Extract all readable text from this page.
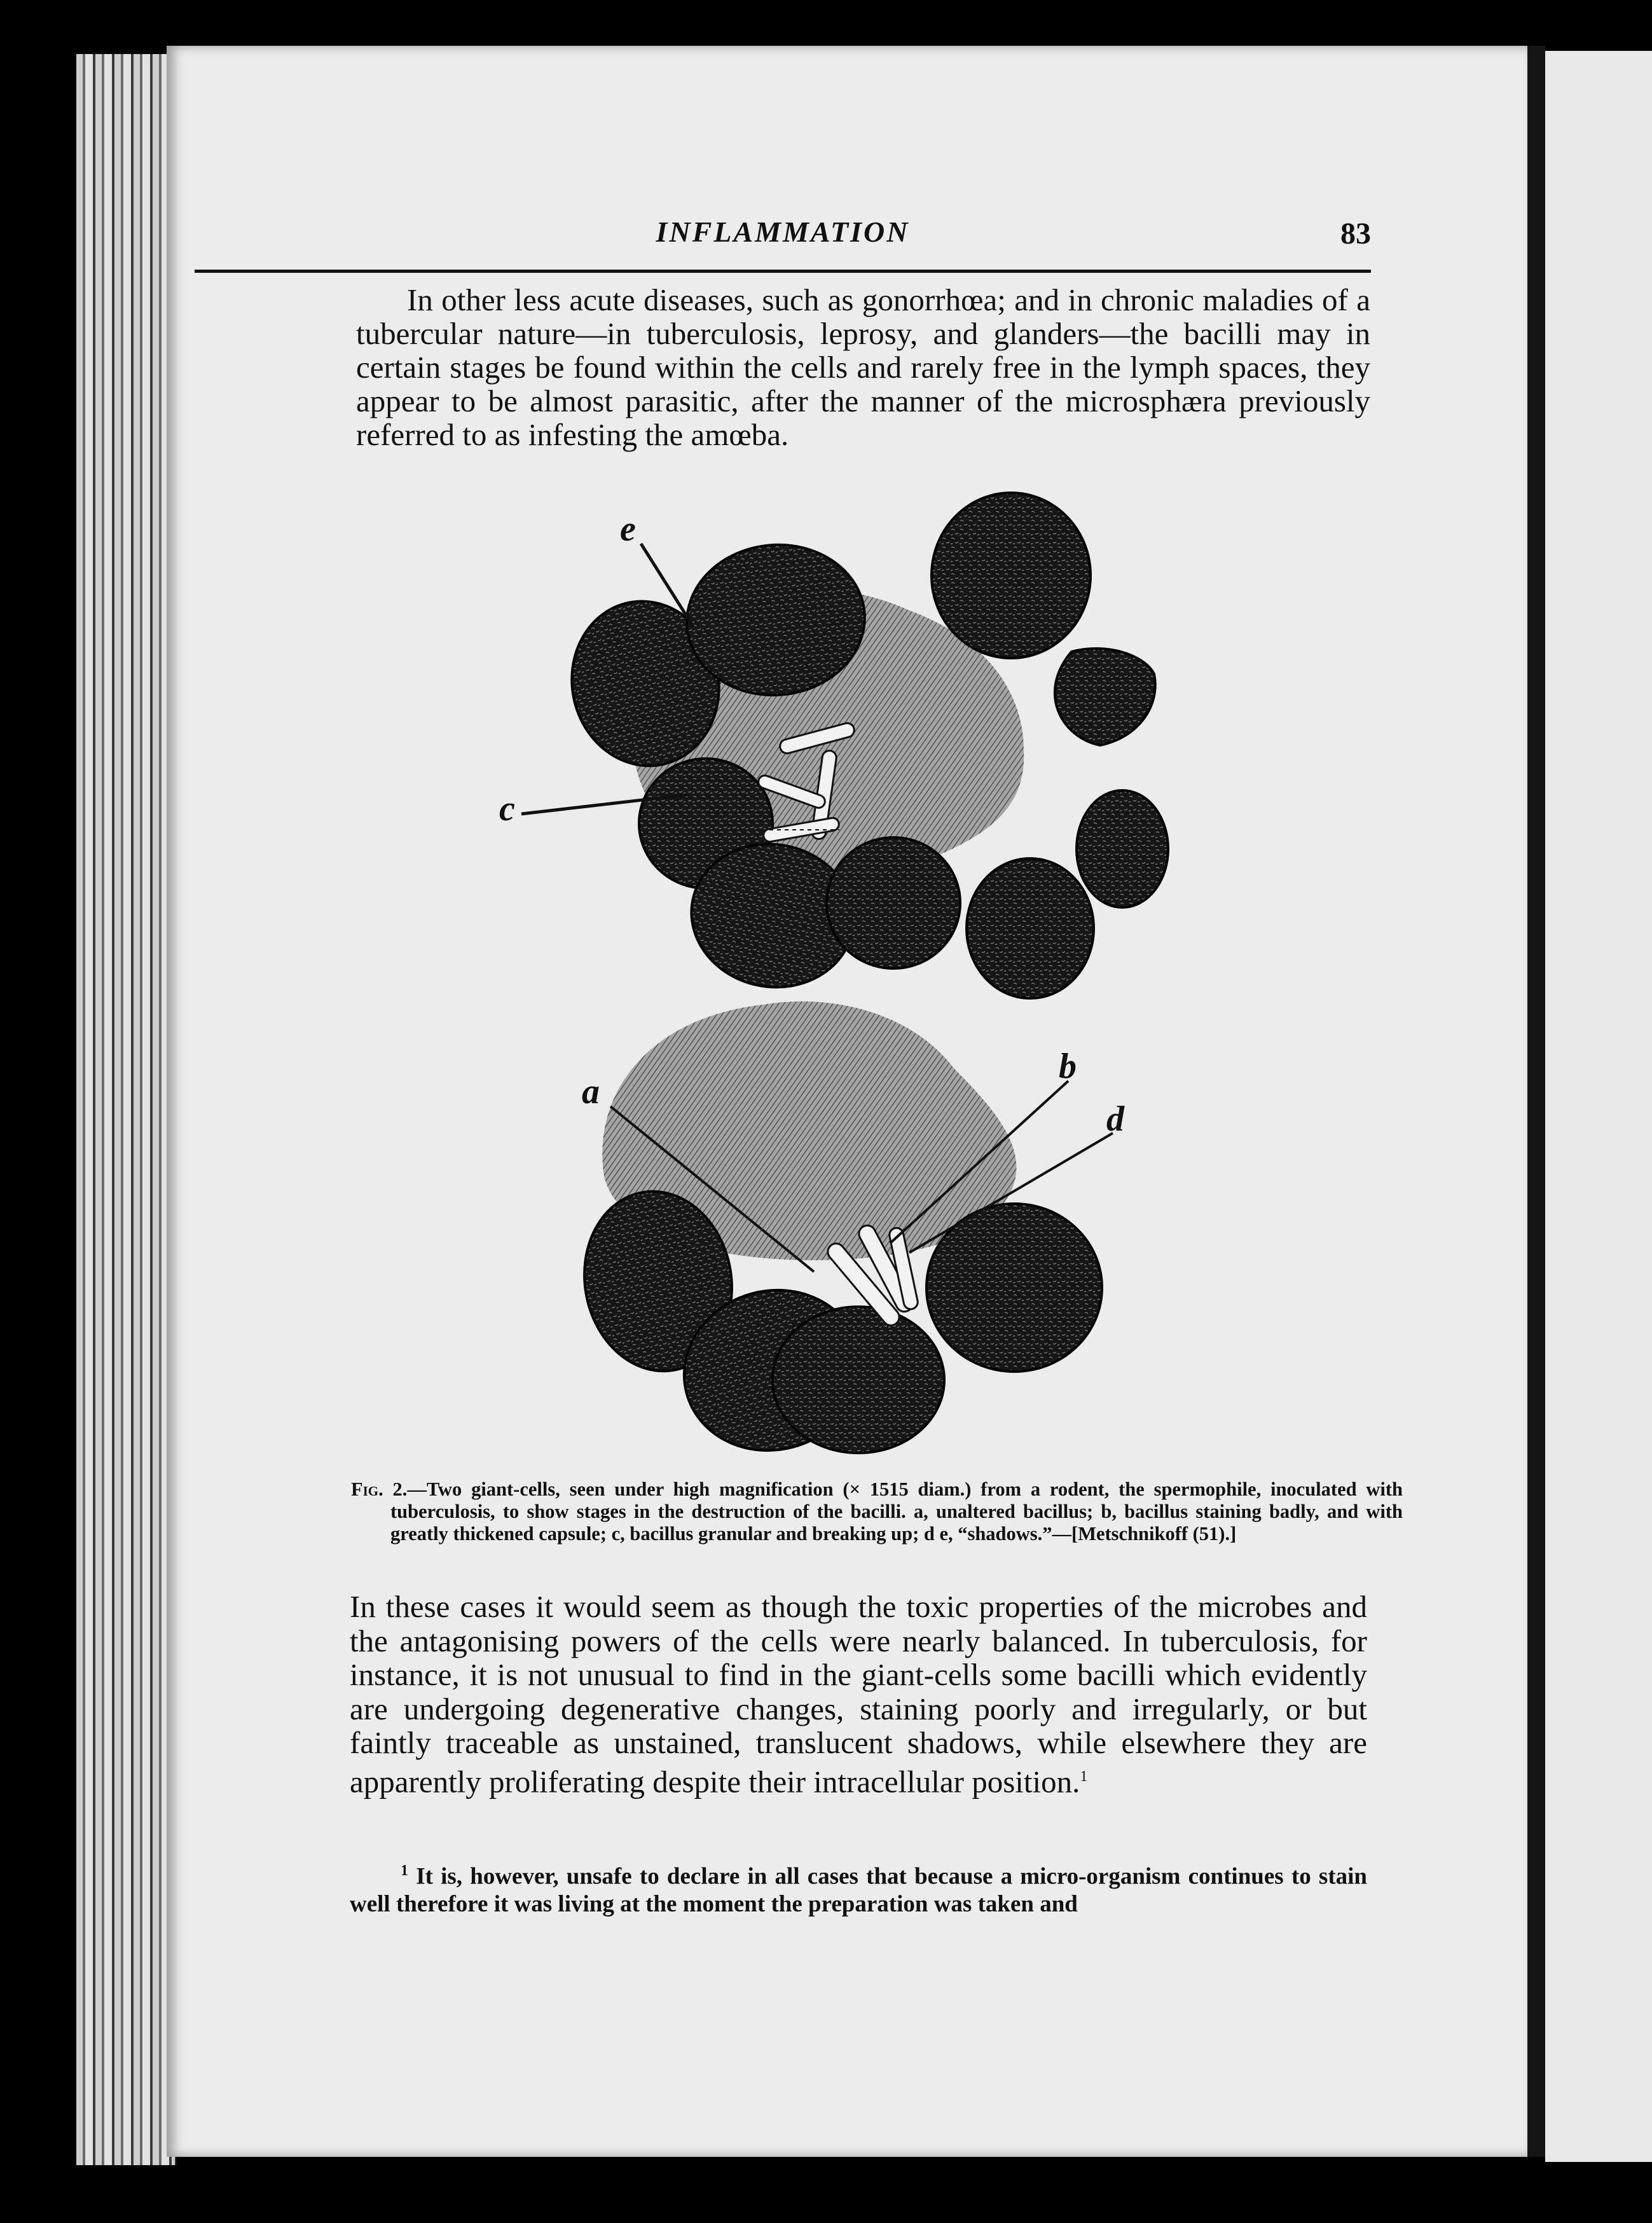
INFLAMMATION	83

In other less acute diseases, such as gonorrhœa; and in chronic maladies of a tubercular nature—in tuberculosis, leprosy, and glanders—the bacilli may in certain stages be found within the cells and rarely free in the lymph spaces, they appear to be almost parasitic, after the manner of the microsphæra previously referred to as infesting the amœba.

e
c
a
b
d

Fig. 2.—Two giant-cells, seen under high magnification (× 1515 diam.) from a rodent, the spermophile, inoculated with tuberculosis, to show stages in the destruction of the bacilli. a, unaltered bacillus; b, bacillus staining badly, and with greatly thickened capsule; c, bacillus granular and breaking up; d e, “shadows.”—[Metschnikoff (51).]

In these cases it would seem as though the toxic properties of the microbes and the antagonising powers of the cells were nearly balanced. In tuberculosis, for instance, it is not unusual to find in the giant-cells some bacilli which evidently are undergoing degenerative changes, staining poorly and irregularly, or but faintly traceable as unstained, translucent shadows, while elsewhere they are apparently proliferating despite their intracellular position.$^1$

$^1$ It is, however, unsafe to declare in all cases that because a micro-organism continues to stain well therefore it was living at the moment the preparation was taken and
